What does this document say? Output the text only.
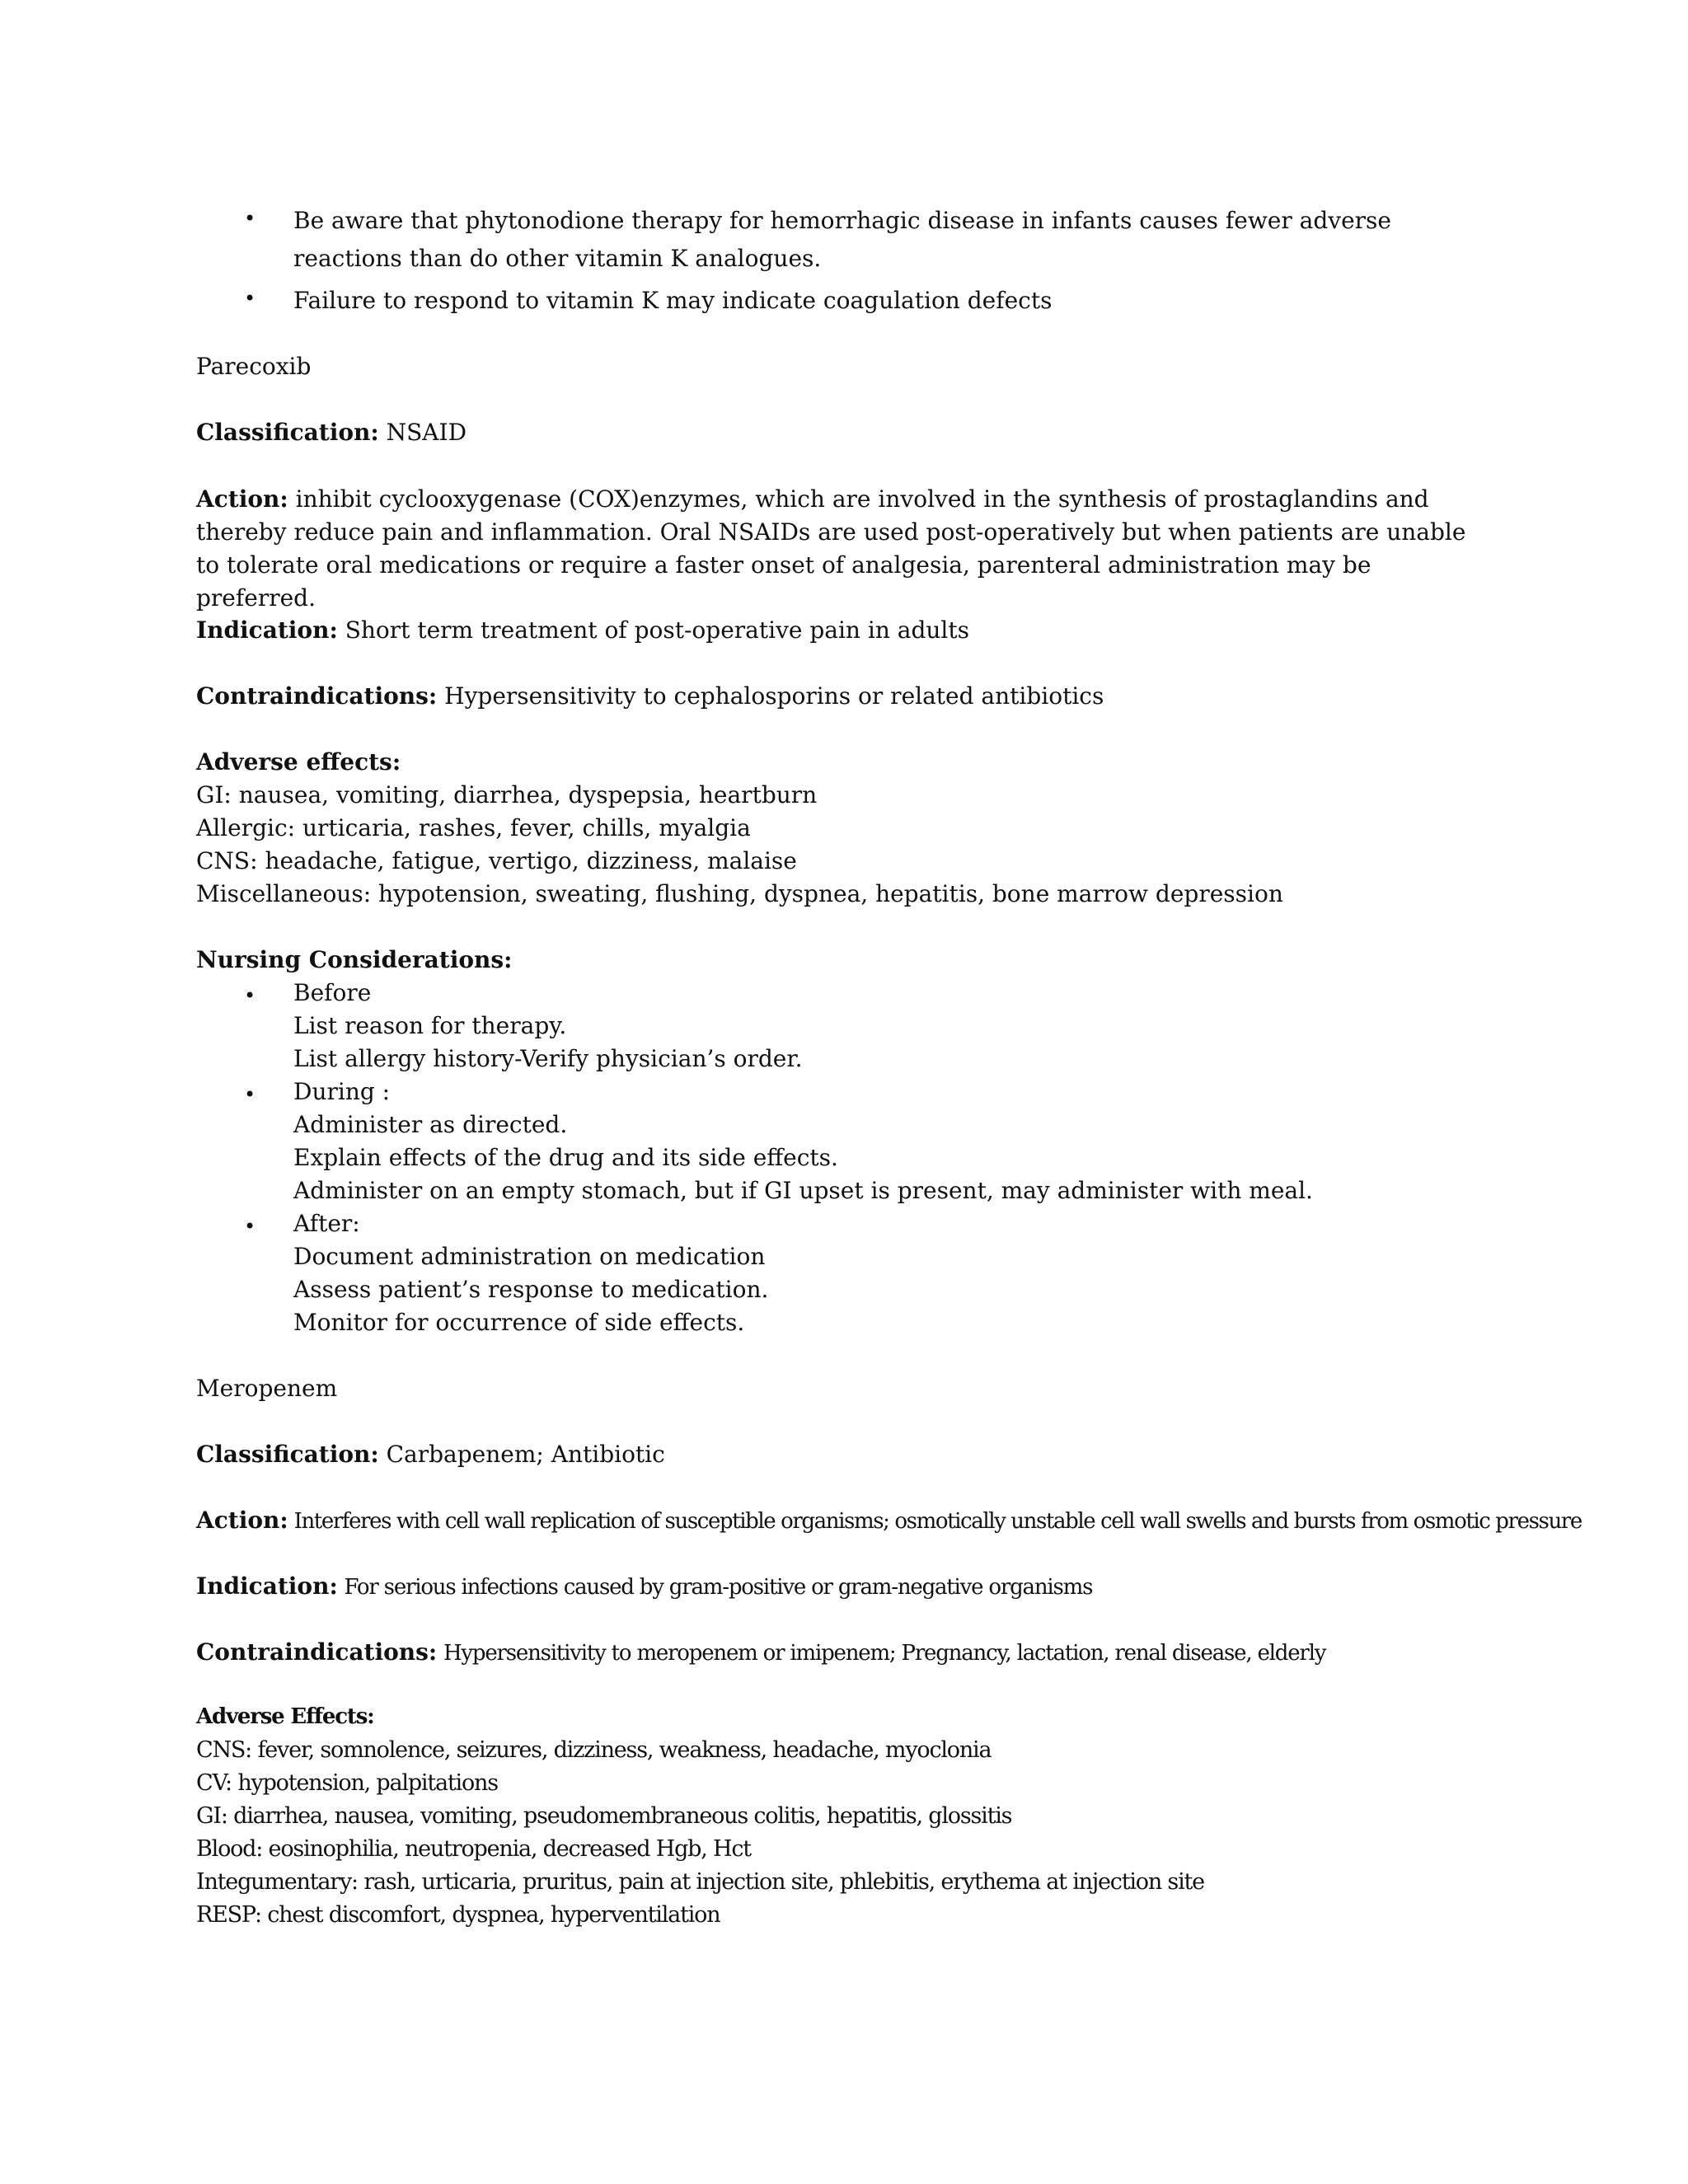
• Be aware that phytonodione therapy for hemorrhagic disease in infants causes fewer adverse reactions than do other vitamin K analogues.
• Failure to respond to vitamin K may indicate coagulation defects
Parecoxib
Classification: NSAID
Action: inhibit cyclooxygenase (COX)enzymes, which are involved in the synthesis of prostaglandins and thereby reduce pain and inflammation. Oral NSAIDs are used post-operatively but when patients are unable to tolerate oral medications or require a faster onset of analgesia, parenteral administration may be preferred.
Indication: Short term treatment of post-operative pain in adults
Contraindications: Hypersensitivity to cephalosporins or related antibiotics
Adverse effects:
GI: nausea, vomiting, diarrhea, dyspepsia, heartburn
Allergic: urticaria, rashes, fever, chills, myalgia
CNS: headache, fatigue, vertigo, dizziness, malaise
Miscellaneous: hypotension, sweating, flushing, dyspnea, hepatitis, bone marrow depression
Nursing Considerations:
• Before
List reason for therapy.
List allergy history-Verify physician’s order.
• During :
Administer as directed.
Explain effects of the drug and its side effects.
Administer on an empty stomach, but if GI upset is present, may administer with meal.
• After:
Document administration on medication
Assess patient’s response to medication.
Monitor for occurrence of side effects.
Meropenem
Classification: Carbapenem; Antibiotic
Action: Interferes with cell wall replication of susceptible organisms; osmotically unstable cell wall swells and bursts from osmotic pressure
Indication: For serious infections caused by gram-positive or gram-negative organisms
Contraindications: Hypersensitivity to meropenem or imipenem; Pregnancy, lactation, renal disease, elderly
Adverse Effects:
CNS: fever, somnolence, seizures, dizziness, weakness, headache, myoclonia
CV: hypotension, palpitations
GI: diarrhea, nausea, vomiting, pseudomembraneous colitis, hepatitis, glossitis
Blood: eosinophilia, neutropenia, decreased Hgb, Hct
Integumentary: rash, urticaria, pruritus, pain at injection site, phlebitis, erythema at injection site
RESP: chest discomfort, dyspnea, hyperventilation
